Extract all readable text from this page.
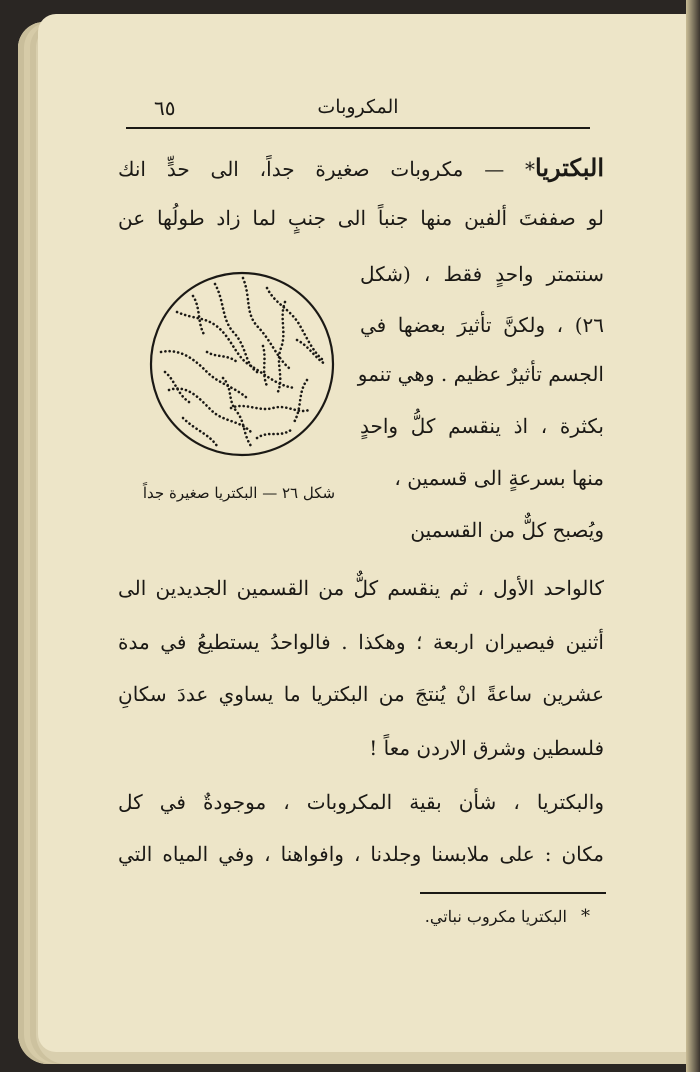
المكروبات
٦٥
البكتريا* — مكروبات صغيرة جداً، الى حدٍّ انك
لو صففتَ ألفين منها جنباً الى جنبٍ لما زاد طولُها عن
سنتمتر واحدٍ فقط ، (شكل
٢٦) ، ولكنَّ تأثيرَ بعضها في
الجسم تأثيرٌ عظيم . وهي تنمو
بكثرة ، اذ ينقسم كلُّ واحدٍ
منها بسرعةٍ الى قسمين ،
ويُصبح كلٌّ من القسمين
كالواحد الأول ، ثم ينقسم كلٌّ من القسمين الجديدين الى
أثنين فيصيران اربعة ؛ وهكذا . فالواحدُ يستطيعُ في مدة
عشرين ساعةً انْ يُنتجَ من البكتريا ما يساوي عددَ سكانِ
فلسطين وشرق الاردن معاً !
والبكتريا ، شأن بقية المكروبات ، موجودةٌ في كل
مكان : على ملابسنا وجلدنا ، وافواهنا ، وفي المياه التي
شكل ٢٦ — البكتريا صغيرة جداً
*البكتريا مكروب نباتي.
